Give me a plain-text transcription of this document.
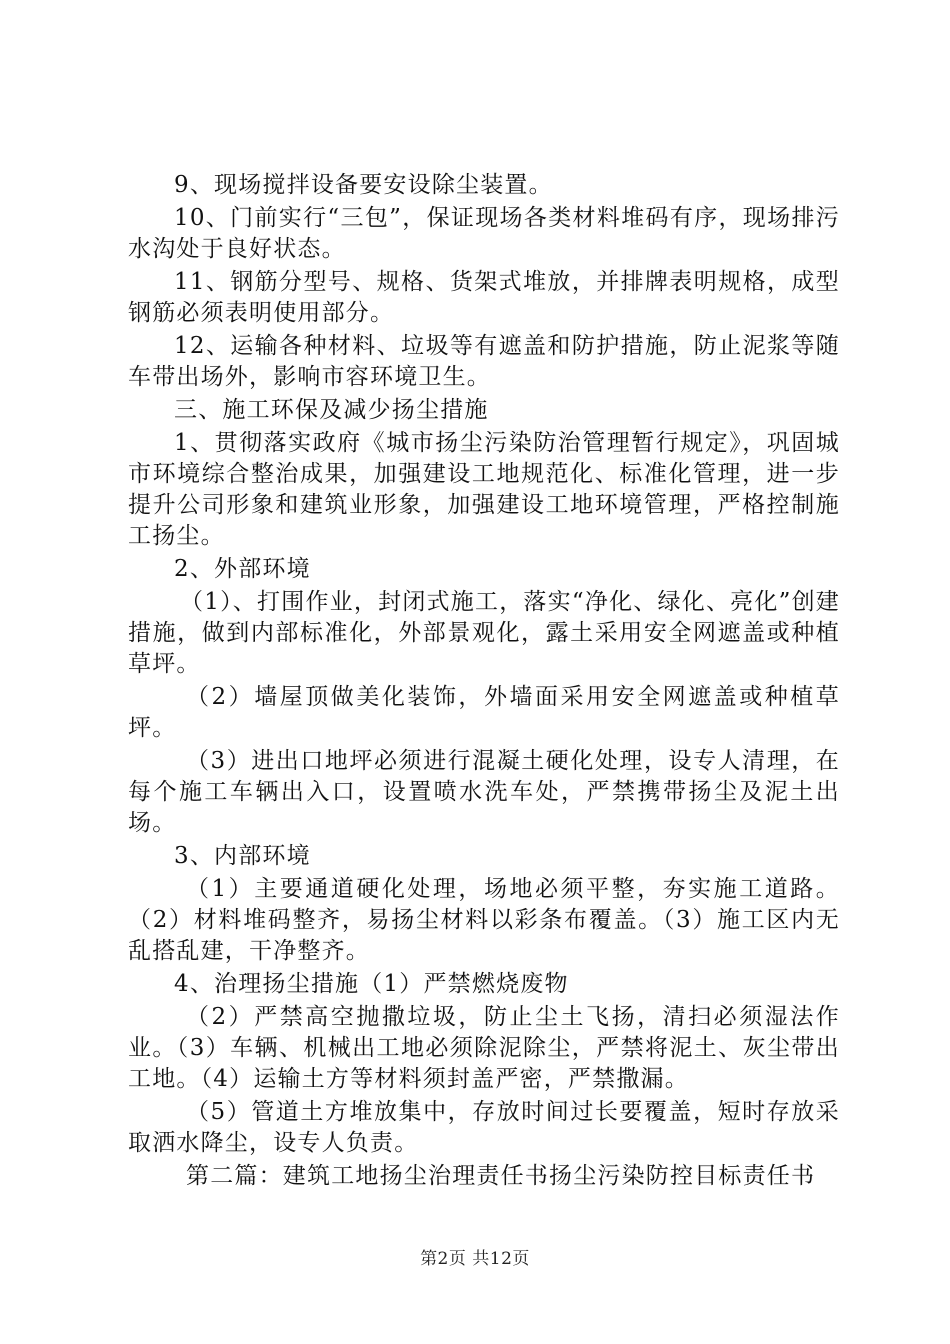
9、现场搅拌设备要安设除尘装置。

10、门前实行“三包”，保证现场各类材料堆码有序，现场排污水沟处于良好状态。

11、钢筋分型号、规格、货架式堆放，并排牌表明规格，成型钢筋必须表明使用部分。

12、运输各种材料、垃圾等有遮盖和防护措施，防止泥浆等随车带出场外，影响市容环境卫生。

三、施工环保及减少扬尘措施

1、贯彻落实政府《城市扬尘污染防治管理暂行规定》，巩固城市环境综合整治成果，加强建设工地规范化、标准化管理，进一步提升公司形象和建筑业形象，加强建设工地环境管理，严格控制施工扬尘。

2、外部环境

（1）、打围作业，封闭式施工，落实“净化、绿化、亮化”创建措施，做到内部标准化，外部景观化，露土采用安全网遮盖或种植草坪。

（2）墙屋顶做美化装饰，外墙面采用安全网遮盖或种植草坪。

（3）进出口地坪必须进行混凝土硬化处理，设专人清理，在每个施工车辆出入口，设置喷水洗车处，严禁携带扬尘及泥土出场。

3、内部环境

（1）主要通道硬化处理，场地必须平整，夯实施工道路。（2）材料堆码整齐，易扬尘材料以彩条布覆盖。（3）施工区内无乱搭乱建，干净整齐。

4、治理扬尘措施（1）严禁燃烧废物

（2）严禁高空抛撒垃圾，防止尘土飞扬，清扫必须湿法作业。（3）车辆、机械出工地必须除泥除尘，严禁将泥土、灰尘带出工地。（4）运输土方等材料须封盖严密，严禁撒漏。

（5）管道土方堆放集中，存放时间过长要覆盖，短时存放采取洒水降尘，设专人负责。

第二篇：建筑工地扬尘治理责任书扬尘污染防控目标责任书

第2页 共12页
